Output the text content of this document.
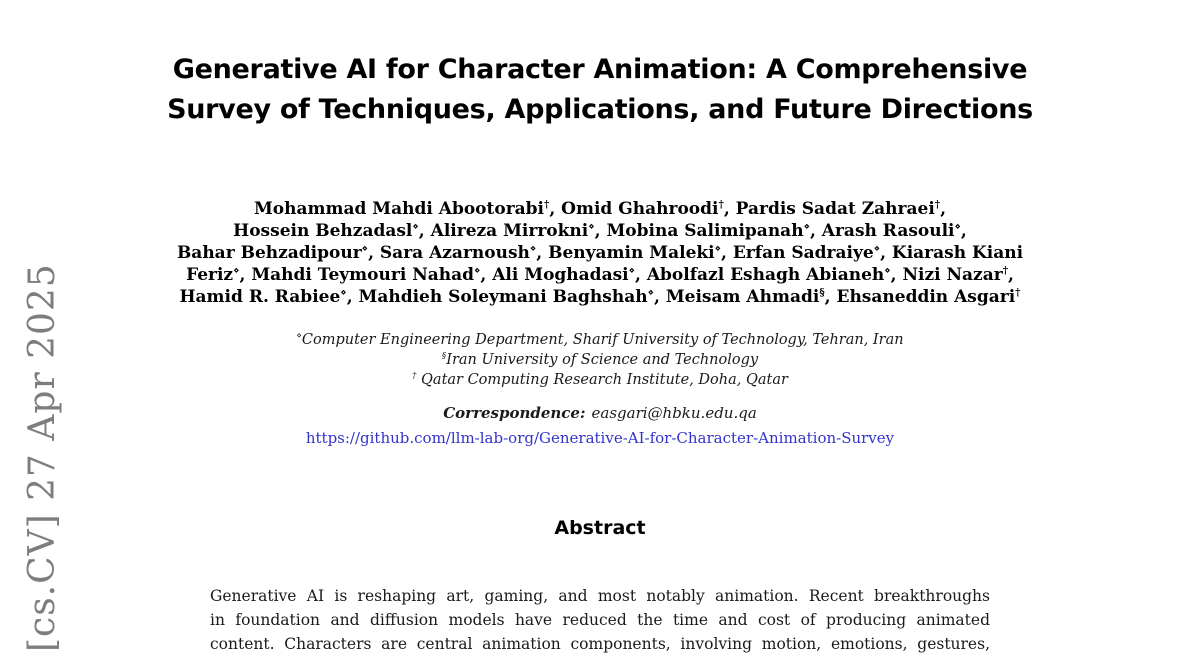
[cs.CV] 27 Apr 2025
Generative AI for Character Animation: A Comprehensive
Survey of Techniques, Applications, and Future Directions
Mohammad Mahdi Abootorabi†, Omid Ghahroodi†, Pardis Sadat Zahraei†,
Hossein Behzadasl⋄, Alireza Mirrokni⋄, Mobina Salimipanah⋄, Arash Rasouli⋄,
Bahar Behzadipour⋄, Sara Azarnoush⋄, Benyamin Maleki⋄, Erfan Sadraiye⋄, Kiarash Kiani
Feriz⋄, Mahdi Teymouri Nahad⋄, Ali Moghadasi⋄, Abolfazl Eshagh Abianeh⋄, Nizi Nazar†,
Hamid R. Rabiee⋄, Mahdieh Soleymani Baghshah⋄, Meisam Ahmadi§, Ehsaneddin Asgari†
⋄Computer Engineering Department, Sharif University of Technology, Tehran, Iran
§Iran University of Science and Technology
† Qatar Computing Research Institute, Doha, Qatar
Correspondence: easgari@hbku.edu.qa
https://github.com/llm-lab-org/Generative-AI-for-Character-Animation-Survey
Abstract
Generative AI is reshaping art, gaming, and most notably animation. Recent breakthroughs
in foundation and diffusion models have reduced the time and cost of producing animated
content. Characters are central animation components, involving motion, emotions, gestures,
